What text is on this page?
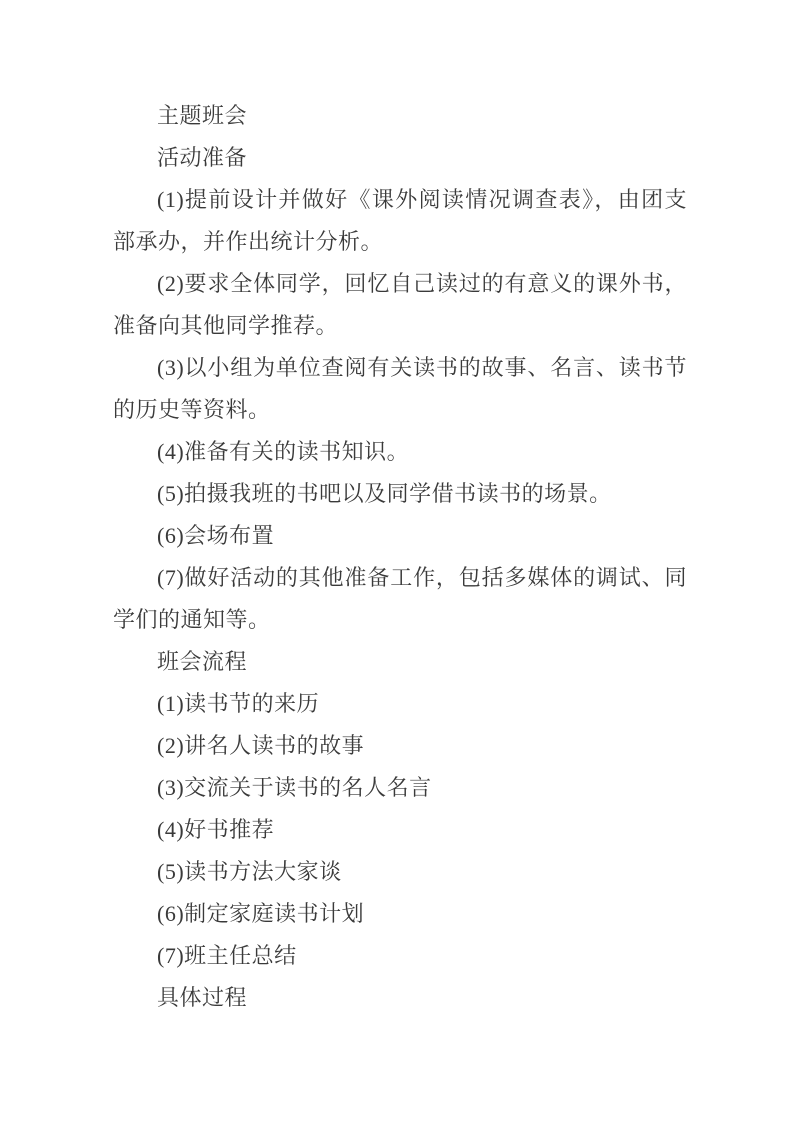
主题班会

活动准备

(1)提前设计并做好《课外阅读情况调查表》，由团支部承办，并作出统计分析。

(2)要求全体同学，回忆自己读过的有意义的课外书，准备向其他同学推荐。

(3)以小组为单位查阅有关读书的故事、名言、读书节的历史等资料。

(4)准备有关的读书知识。

(5)拍摄我班的书吧以及同学借书读书的场景。

(6)会场布置

(7)做好活动的其他准备工作，包括多媒体的调试、同学们的通知等。

班会流程

(1)读书节的来历

(2)讲名人读书的故事

(3)交流关于读书的名人名言

(4)好书推荐

(5)读书方法大家谈

(6)制定家庭读书计划

(7)班主任总结

具体过程
